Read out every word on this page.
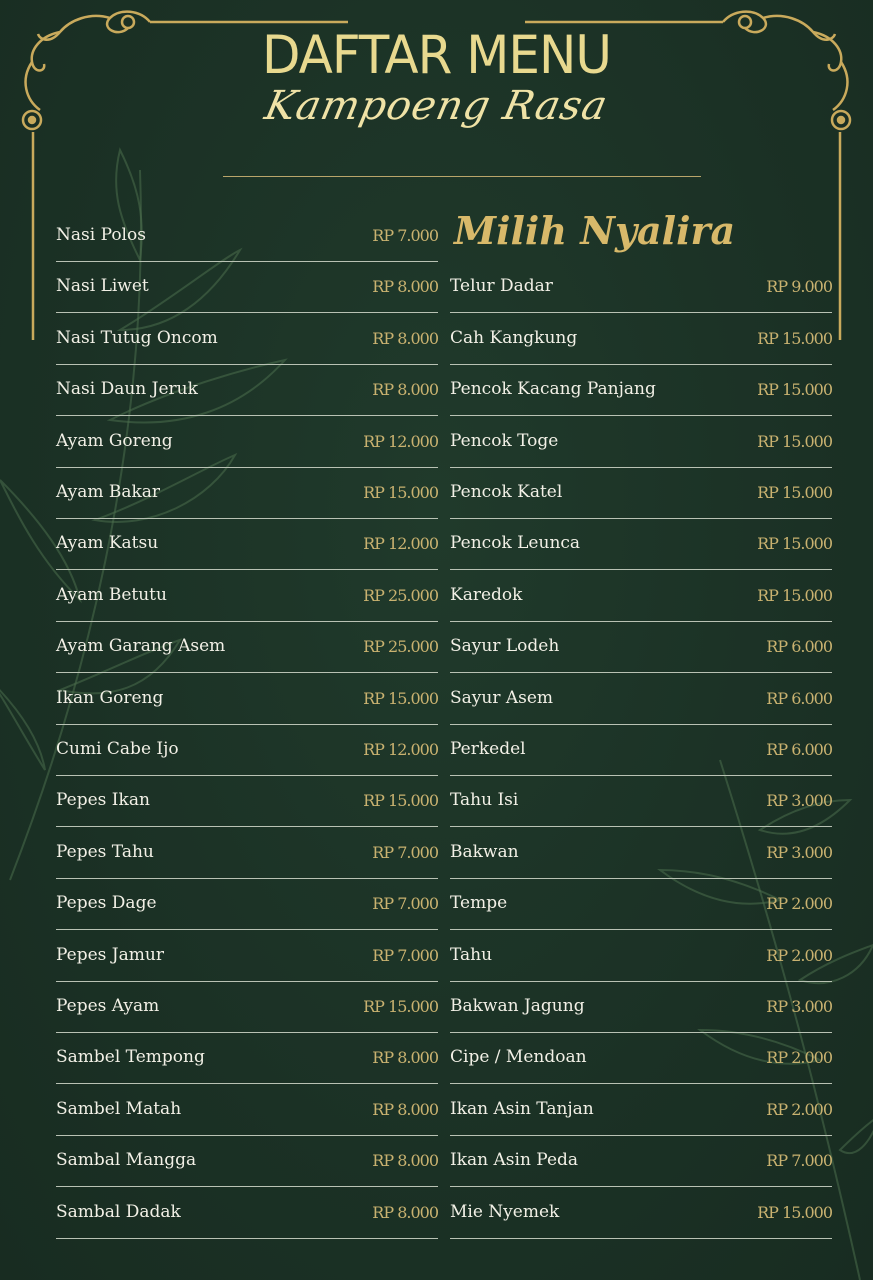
DAFTAR MENU
Kampoeng Rasa
Milih Nyalira
Nasi Polos	RP 7.000
Nasi Liwet	RP 8.000
Nasi Tutug Oncom	RP 8.000
Nasi Daun Jeruk	RP 8.000
Ayam Goreng	RP 12.000
Ayam Bakar	RP 15.000
Ayam Katsu	RP 12.000
Ayam Betutu	RP 25.000
Ayam Garang Asem	RP 25.000
Ikan Goreng	RP 15.000
Cumi Cabe Ijo	RP 12.000
Pepes Ikan	RP 15.000
Pepes Tahu	RP 7.000
Pepes Dage	RP 7.000
Pepes Jamur	RP 7.000
Pepes Ayam	RP 15.000
Sambel Tempong	RP 8.000
Sambel Matah	RP 8.000
Sambal Mangga	RP 8.000
Sambal Dadak	RP 8.000
Telur Dadar	RP 9.000
Cah Kangkung	RP 15.000
Pencok Kacang Panjang	RP 15.000
Pencok Toge	RP 15.000
Pencok Katel	RP 15.000
Pencok Leunca	RP 15.000
Karedok	RP 15.000
Sayur Lodeh	RP 6.000
Sayur Asem	RP 6.000
Perkedel	RP 6.000
Tahu Isi	RP 3.000
Bakwan	RP 3.000
Tempe	RP 2.000
Tahu	RP 2.000
Bakwan Jagung	RP 3.000
Cipe / Mendoan	RP 2.000
Ikan Asin Tanjan	RP 2.000
Ikan Asin Peda	RP 7.000
Mie Nyemek	RP 15.000
